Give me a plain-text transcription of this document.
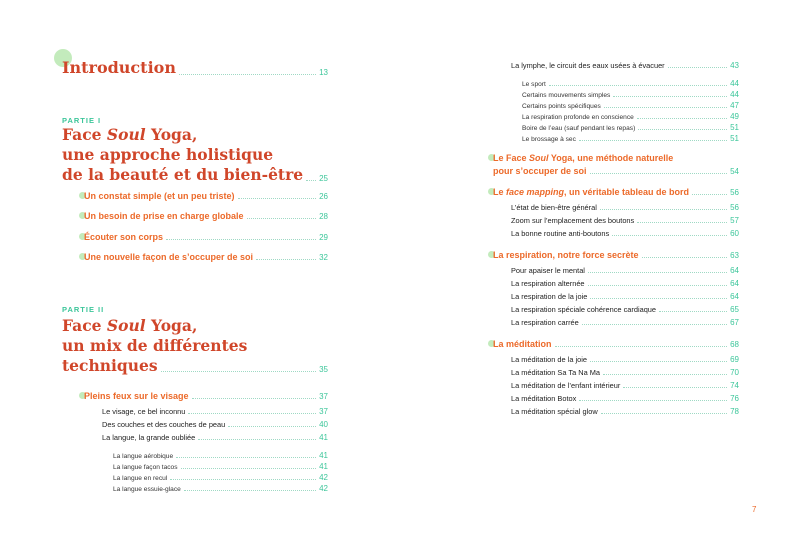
Introduction	13
PARTIE I
Face Soul Yoga,
une approche holistique
de la beauté et du bien-être 25
Un constat simple (et un peu triste)	26
Un besoin de prise en charge globale	28
Écouter son corps	29
Une nouvelle façon de s’occuper de soi	32
PARTIE II
Face Soul Yoga,
un mix de différentes
techniques	35
Pleins feux sur le visage	37
Le visage, ce bel inconnu	37
Des couches et des couches de peau	40
La langue, la grande oubliée	41
La langue aérobique	41
La langue façon tacos	41
La langue en recul	42
La langue essuie-glace	42
La lymphe, le circuit des eaux usées à évacuer	43
Le sport	44
Certains mouvements simples	44
Certains points spécifiques	47
La respiration profonde en conscience	49
Boire de l’eau (sauf pendant les repas)	51
Le brossage à sec	51
Le Face Soul Yoga, une méthode naturelle
pour s’occuper de soi	54
Le face mapping, un véritable tableau de bord	56
L’état de bien-être général	56
Zoom sur l’emplacement des boutons	57
La bonne routine anti-boutons	60
La respiration, notre force secrète	63
Pour apaiser le mental	64
La respiration alternée	64
La respiration de la joie	64
La respiration spéciale cohérence cardiaque	65
La respiration carrée	67
La méditation	68
La méditation de la joie	69
La méditation Sa Ta Na Ma	70
La méditation de l’enfant intérieur	74
La méditation Botox	76
La méditation spécial glow	78
7
